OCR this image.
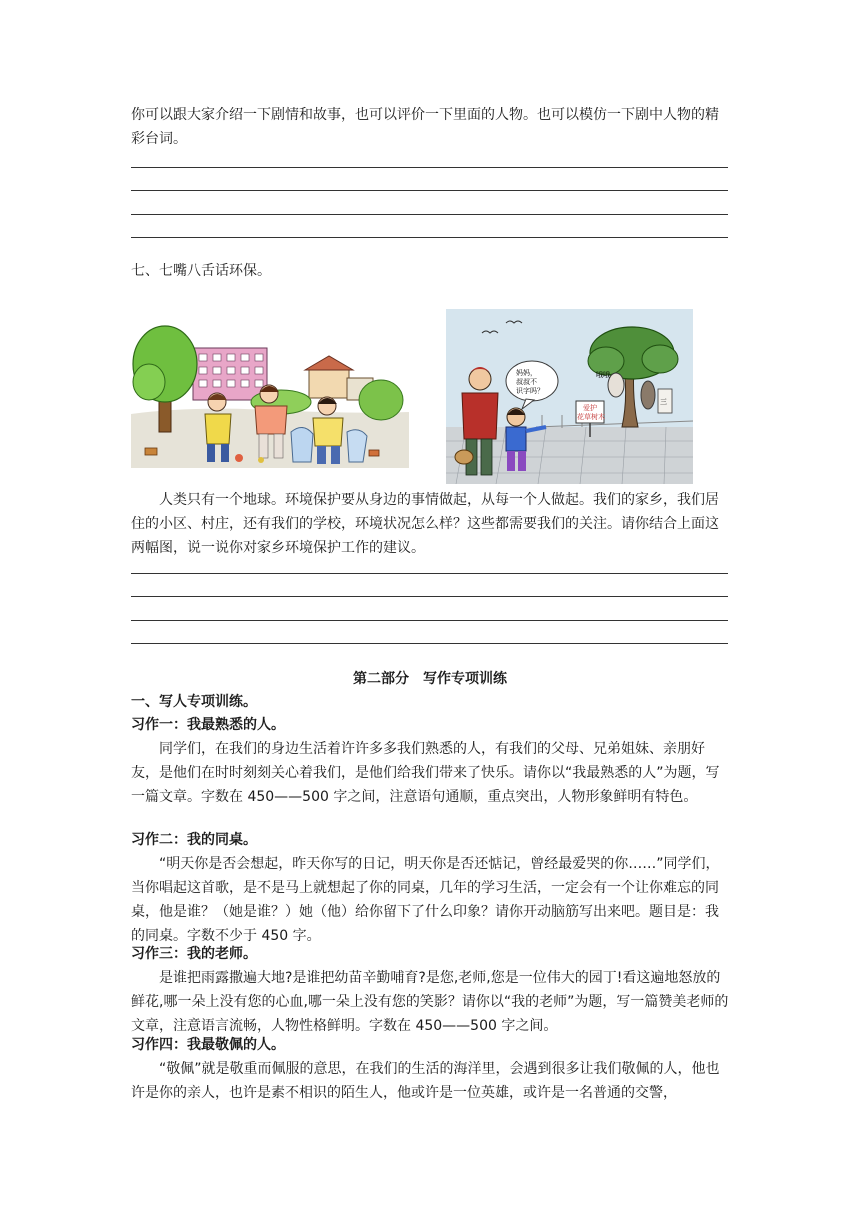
你可以跟大家介绍一下剧情和故事，也可以评价一下里面的人物。也可以模仿一下剧中人物的精彩台词。

七、七嘴八舌话环保。

三
哦哦
爱护
花草树木
妈妈，
叔叔不
识字吗？

人类只有一个地球。环境保护要从身边的事情做起，从每一个人做起。我们的家乡，我们居住的小区、村庄，还有我们的学校，环境状况怎么样？这些都需要我们的关注。请你结合上面这两幅图，说一说你对家乡环境保护工作的建议。

第二部分　写作专项训练

一、写人专项训练。

习作一：我最熟悉的人。

同学们，在我们的身边生活着许许多多我们熟悉的人，有我们的父母、兄弟姐妹、亲朋好友，是他们在时时刻刻关心着我们，是他们给我们带来了快乐。请你以“我最熟悉的人”为题，写一篇文章。字数在 450——500 字之间，注意语句通顺，重点突出，人物形象鲜明有特色。

习作二：我的同桌。

“明天你是否会想起，昨天你写的日记，明天你是否还惦记，曾经最爱哭的你……”同学们，当你唱起这首歌，是不是马上就想起了你的同桌，几年的学习生活，一定会有一个让你难忘的同桌，他是谁？（她是谁？）她（他）给你留下了什么印象？请你开动脑筋写出来吧。题目是：我的同桌。字数不少于 450 字。

习作三：我的老师。

是谁把雨露撒遍大地?是谁把幼苗辛勤哺育?是您,老师,您是一位伟大的园丁!看这遍地怒放的鲜花,哪一朵上没有您的心血,哪一朵上没有您的笑影？请你以“我的老师”为题，写一篇赞美老师的文章，注意语言流畅，人物性格鲜明。字数在 450——500 字之间。

习作四：我最敬佩的人。

“敬佩”就是敬重而佩服的意思，在我们的生活的海洋里，会遇到很多让我们敬佩的人，他也许是你的亲人，也许是素不相识的陌生人，他或许是一位英雄，或许是一名普通的交警，
